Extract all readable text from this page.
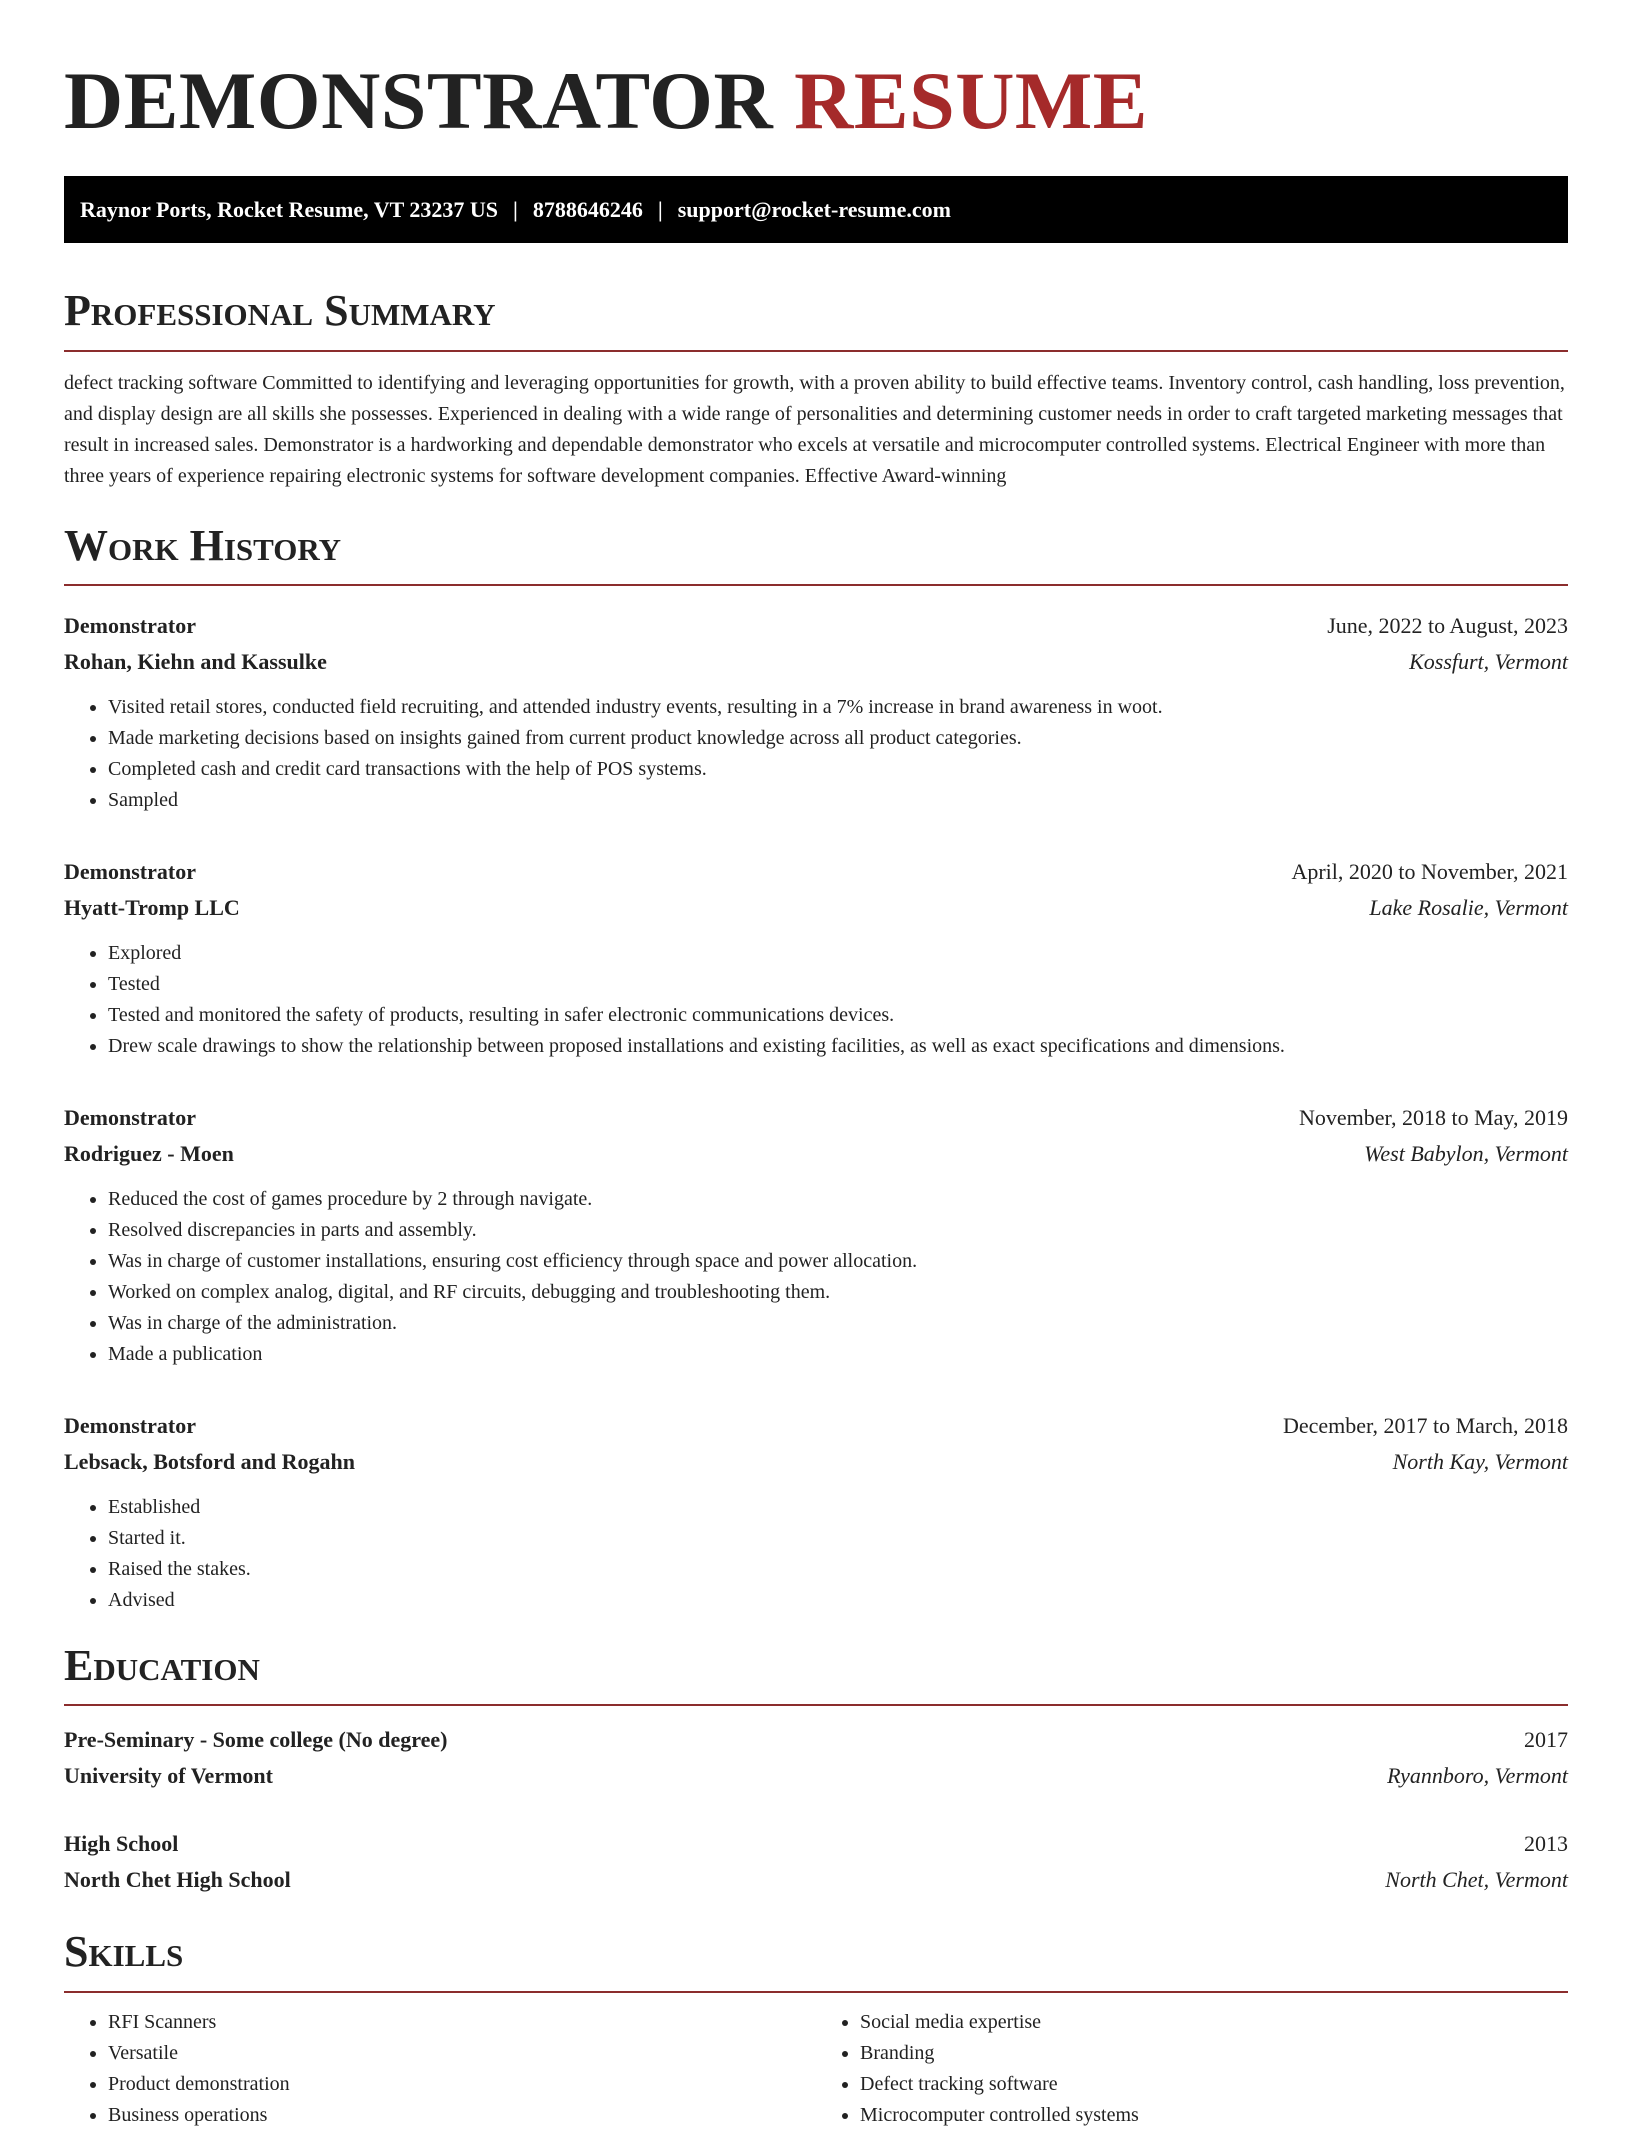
DEMONSTRATOR RESUME
Raynor Ports, Rocket Resume, VT 23237 US | 8788646246 | support@rocket-resume.com
Professional Summary

defect tracking software Committed to identifying and leveraging opportunities for growth, with a proven ability to build effective teams. Inventory control, cash handling, loss prevention, and display design are all skills she possesses. Experienced in dealing with a wide range of personalities and determining customer needs in order to craft targeted marketing messages that result in increased sales. Demonstrator is a hardworking and dependable demonstrator who excels at versatile and microcomputer controlled systems. Electrical Engineer with more than three years of experience repairing electronic systems for software development companies. Effective Award-winning

Work History
Demonstrator	June, 2022 to August, 2023
Rohan, Kiehn and Kassulke	Kossfurt, Vermont
• Visited retail stores, conducted field recruiting, and attended industry events, resulting in a 7% increase in brand awareness in woot.
• Made marketing decisions based on insights gained from current product knowledge across all product categories.
• Completed cash and credit card transactions with the help of POS systems.
• Sampled
Demonstrator	April, 2020 to November, 2021
Hyatt-Tromp LLC	Lake Rosalie, Vermont
• Explored
• Tested
• Tested and monitored the safety of products, resulting in safer electronic communications devices.
• Drew scale drawings to show the relationship between proposed installations and existing facilities, as well as exact specifications and dimensions.
Demonstrator	November, 2018 to May, 2019
Rodriguez - Moen	West Babylon, Vermont
• Reduced the cost of games procedure by 2 through navigate.
• Resolved discrepancies in parts and assembly.
• Was in charge of customer installations, ensuring cost efficiency through space and power allocation.
• Worked on complex analog, digital, and RF circuits, debugging and troubleshooting them.
• Was in charge of the administration.
• Made a publication
Demonstrator	December, 2017 to March, 2018
Lebsack, Botsford and Rogahn	North Kay, Vermont
• Established
• Started it.
• Raised the stakes.
• Advised
Education
Pre-Seminary - Some college (No degree)	2017
University of Vermont	Ryannboro, Vermont
High School	2013
North Chet High School	North Chet, Vermont
Skills
• RFI Scanners
• Versatile
• Product demonstration
• Business operations
• Social media expertise
• Branding
• Defect tracking software
• Microcomputer controlled systems
